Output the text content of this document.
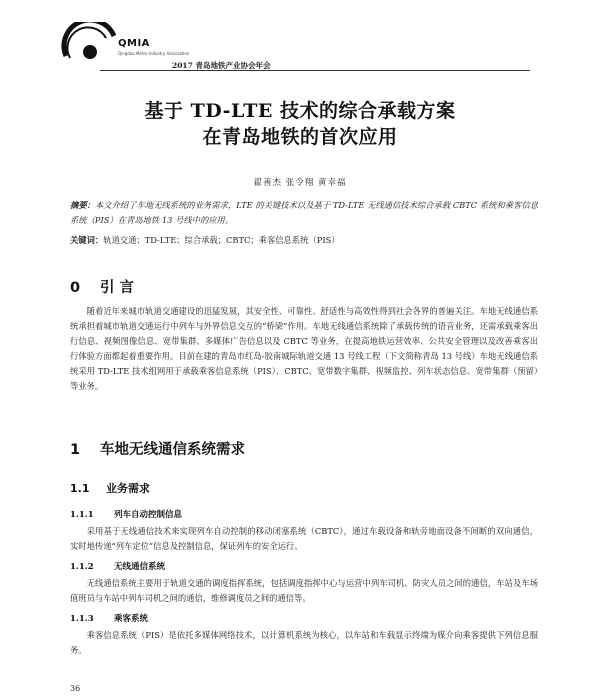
QMIA
Qingdao Metro Industry Association
2017 青岛地铁产业协会年会
基于 TD-LTE 技术的综合承载方案
在青岛地铁的首次应用
翟善杰 张令翔 黄幸福
摘要：本文介绍了车地无线系统的业务需求，LTE 的关键技术以及基于 TD-LTE 无线通信技术综合承载 CBTC 系统和乘客信息系统（PIS）在青岛地铁 13 号线中的应用。
关键词：轨道交通；TD-LTE；综合承载；CBTC；乘客信息系统（PIS）
0 引 言
随着近年来城市轨道交通建设的迅猛发展，其安全性、可靠性、舒适性与高效性得到社会各界的普遍关注。车地无线通信系统承担着城市轨道交通运行中列车与外界信息交互的“桥梁”作用。车地无线通信系统除了承载传统的语音业务，还需承载乘客出行信息、视频图像信息、宽带集群、多媒体广告信息以及 CBTC 等业务，在提高地铁运营效率、公共安全管理以及改善乘客出行体验方面都起着重要作用。目前在建的青岛市红岛-胶南城际轨道交通 13 号线工程（下文简称青岛 13 号线）车地无线通信系统采用 TD-LTE 技术组网用于承载乘客信息系统（PIS）、CBTC、宽带数字集群、视频监控、列车状态信息、宽带集群（预留）等业务。
1 车地无线通信系统需求
1.1 业务需求
1.1.1 列车自动控制信息
采用基于无线通信技术来实现列车自动控制的移动闭塞系统（CBTC），通过车载设备和轨旁地面设备不间断的双向通信，实时地传递“列车定位”信息及控制信息，保证列车的安全运行。
1.1.2 无线通信系统
无线通信系统主要用于轨道交通的调度指挥系统，包括调度指挥中心与运营中列车司机、防灾人员之间的通信，车站及车场值班员与车站中列车司机之间的通信，维修调度员之间的通信等。
1.1.3 乘客系统
乘客信息系统（PIS）是依托多媒体网络技术，以计算机系统为核心，以车站和车载显示终端为媒介向乘客提供下列信息服务。
36
